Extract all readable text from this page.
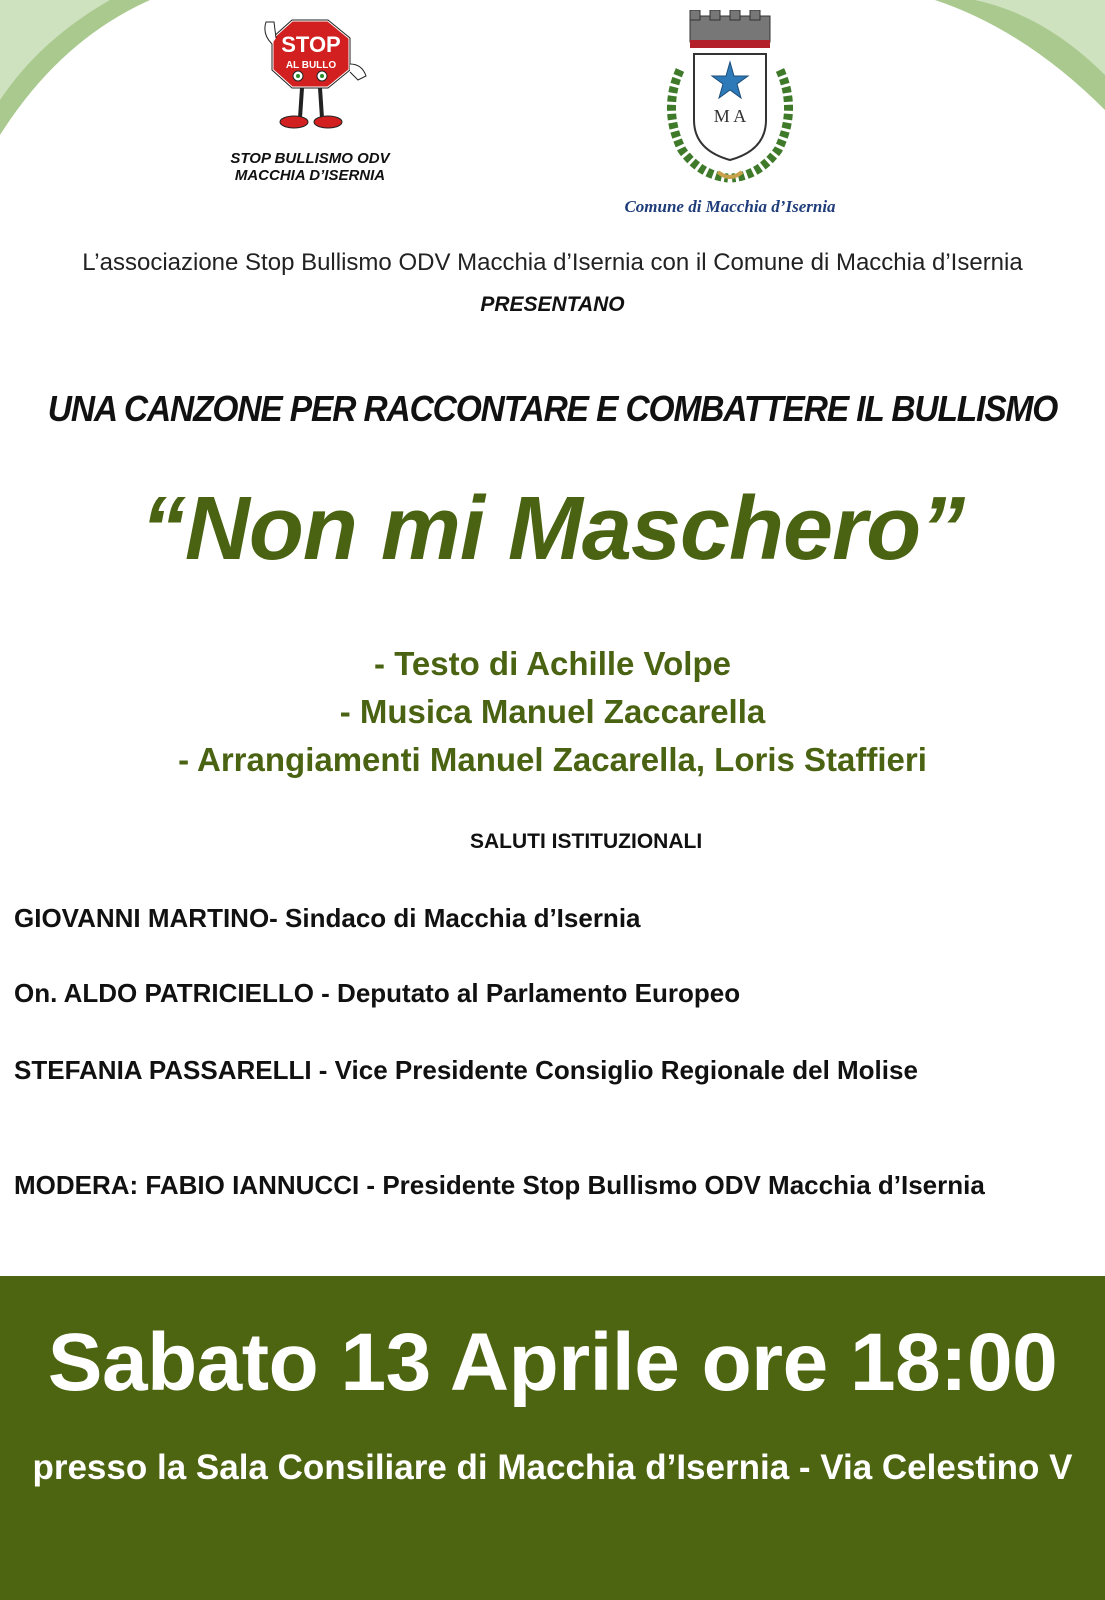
STOP
AL BULLO
STOP BULLISMO ODV
MACCHIA D’ISERNIA
M A
Comune di Macchia d’Isernia
L’associazione Stop Bullismo ODV Macchia d’Isernia con il Comune di Macchia d’Isernia
PRESENTANO
UNA CANZONE PER RACCONTARE E COMBATTERE IL BULLISMO
“Non mi Maschero”
- Testo di Achille Volpe
- Musica Manuel Zaccarella
- Arrangiamenti Manuel Zacarella, Loris Staffieri
SALUTI ISTITUZIONALI
GIOVANNI MARTINO- Sindaco di Macchia d’Isernia
On. ALDO PATRICIELLO - Deputato al Parlamento Europeo
STEFANIA PASSARELLI - Vice Presidente Consiglio Regionale del Molise
MODERA: FABIO IANNUCCI - Presidente Stop Bullismo ODV Macchia d’Isernia
Sabato 13 Aprile ore 18:00
presso la Sala Consiliare di Macchia d’Isernia - Via Celestino V
